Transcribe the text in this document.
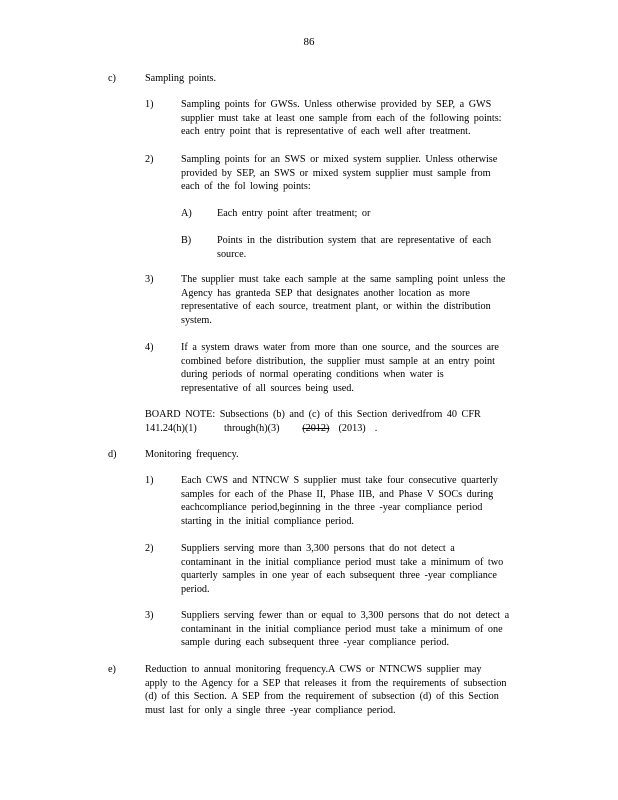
86
c)	Sampling points.
1)	Sampling points for GWSs. Unless otherwise provided by SEP, a GWS
supplier must take at least one sample from each of the following points:
each entry point that is representative of each well after treatment.
2)	Sampling points for an SWS or mixed system supplier. Unless otherwise
provided by SEP, an SWS or mixed system supplier must sample from
each of the fol lowing points:
A) Each entry point after treatment; or
B)	Points in the distribution system that are representative of each
source.
3)	The supplier must take each sample at the same sampling point unless the
Agency has granteda SEP that designates another location as more
representative of each source, treatment plant, or within the distribution
system.
4)	If a system draws water from more than one source, and the sources are
combined before distribution, the supplier must sample at an entry point
during periods of normal operating conditions when water is
representative of all sources being used.
BOARD NOTE: Subsections (b) and (c) of this Section derivedfrom 40 CFR
141.24(h)(1)      through(h)(3)     (2012)  (2013)  .
d)	Monitoring frequency.
1)	Each CWS and NTNCW S supplier must take four consecutive quarterly
samples for each of the Phase II, Phase IIB, and Phase V SOCs during
eachcompliance period,beginning in the three -year compliance period
starting in the initial compliance period.
2)	Suppliers serving more than 3,300 persons that do not detect a
contaminant in the initial compliance period must take a minimum of two
quarterly samples in one year of each subsequent three -year compliance
period.
3)	Suppliers serving fewer than or equal to 3,300 persons that do not detect a
contaminant in the initial compliance period must take a minimum of one
sample during each subsequent three -year compliance period.
e)	Reduction to annual monitoring frequency.A CWS or NTNCWS supplier may
apply to the Agency for a SEP that releases it from the requirements of subsection
(d) of this Section. A SEP from the requirement of subsection (d) of this Section
must last for only a single three -year compliance period.
